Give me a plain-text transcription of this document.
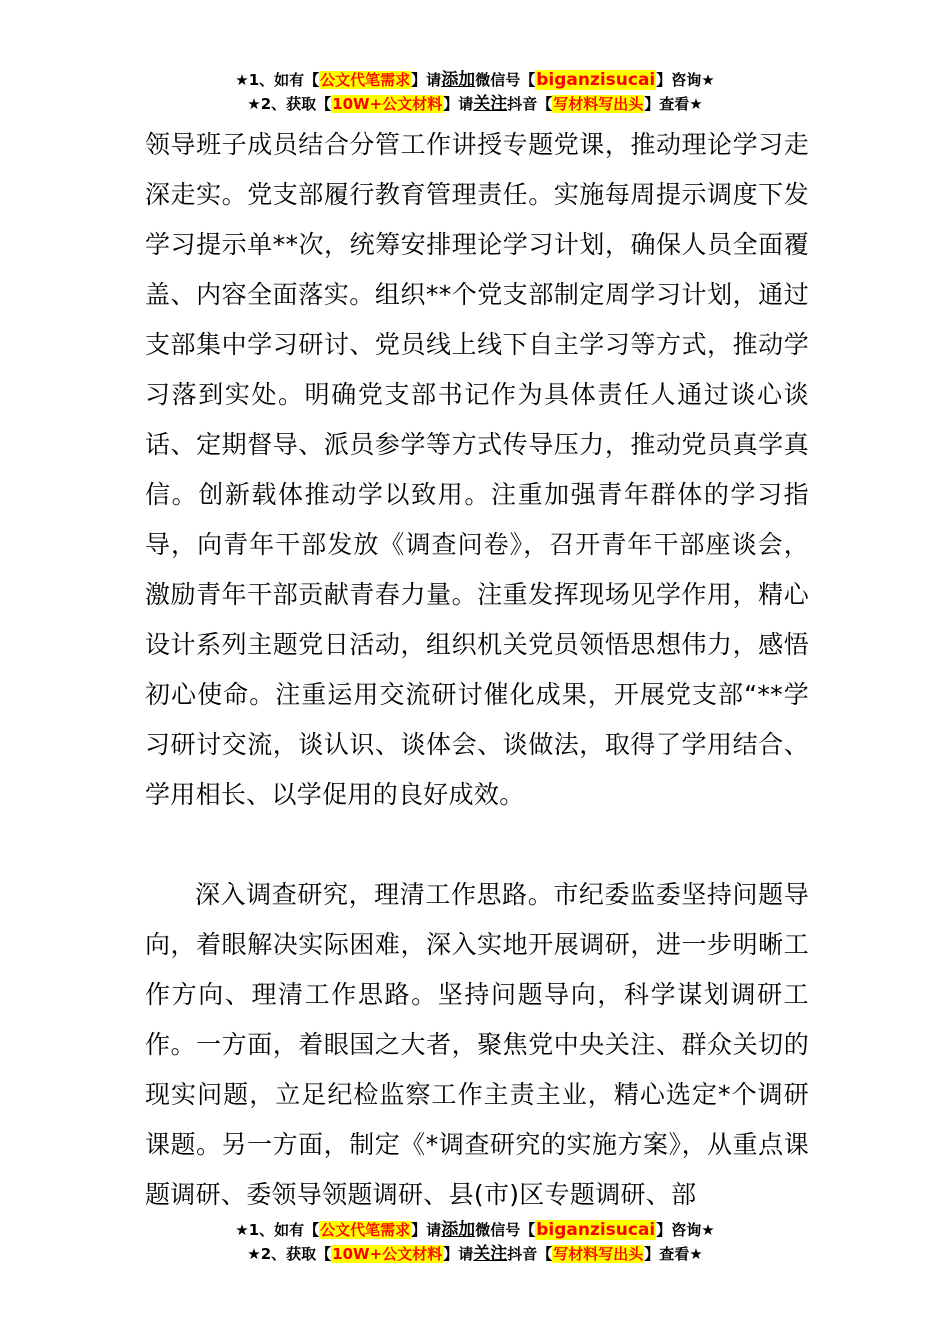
★1、如有【公文代笔需求】请添加微信号【biganzisucai】咨询★
★2、获取【10W+公文材料】请关注抖音【写材料写出头】查看★

领导班子成员结合分管工作讲授专题党课，推动理论学习走深走实。党支部履行教育管理责任。实施每周提示调度下发学习提示单**次，统筹安排理论学习计划，确保人员全面覆盖、内容全面落实。组织**个党支部制定周学习计划，通过支部集中学习研讨、党员线上线下自主学习等方式，推动学习落到实处。明确党支部书记作为具体责任人通过谈心谈话、定期督导、派员参学等方式传导压力，推动党员真学真信。创新载体推动学以致用。注重加强青年群体的学习指导，向青年干部发放《调查问卷》，召开青年干部座谈会，激励青年干部贡献青春力量。注重发挥现场见学作用，精心设计系列主题党日活动，组织机关党员领悟思想伟力，感悟初心使命。注重运用交流研讨催化成果，开展党支部“**学习研讨交流，谈认识、谈体会、谈做法，取得了学用结合、学用相长、以学促用的良好成效。

深入调查研究，理清工作思路。市纪委监委坚持问题导向，着眼解决实际困难，深入实地开展调研，进一步明晰工作方向、理清工作思路。坚持问题导向，科学谋划调研工作。一方面，着眼国之大者，聚焦党中央关注、群众关切的现实问题，立足纪检监察工作主责主业，精心选定*个调研课题。另一方面，制定《*调查研究的实施方案》，从重点课题调研、委领导领题调研、县(市)区专题调研、部

★1、如有【公文代笔需求】请添加微信号【biganzisucai】咨询★
★2、获取【10W+公文材料】请关注抖音【写材料写出头】查看★
